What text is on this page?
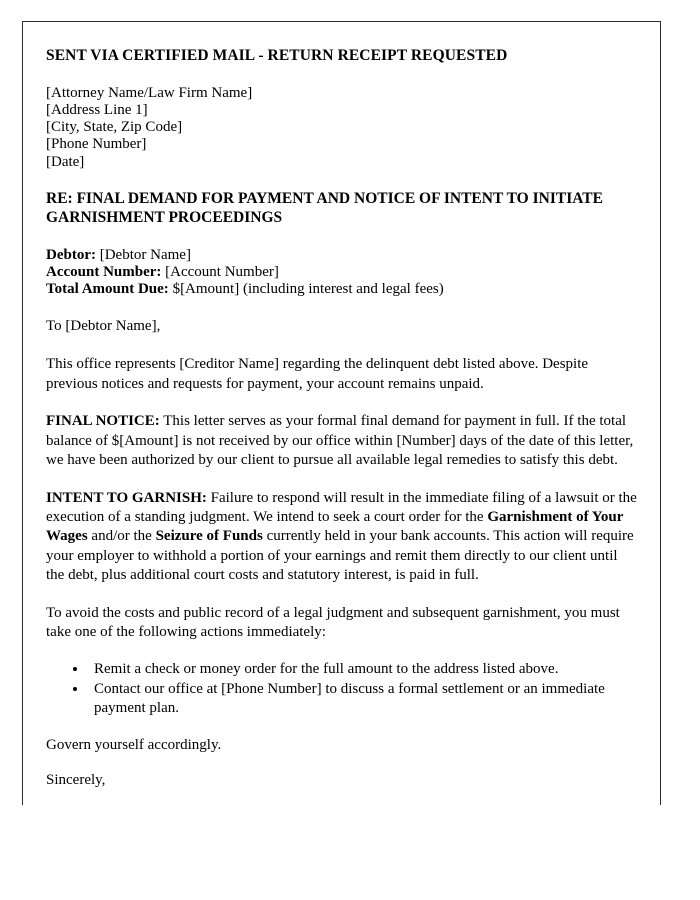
SENT VIA CERTIFIED MAIL - RETURN RECEIPT REQUESTED
[Attorney Name/Law Firm Name]
[Address Line 1]
[City, State, Zip Code]
[Phone Number]
[Date]
RE: FINAL DEMAND FOR PAYMENT AND NOTICE OF INTENT TO INITIATE GARNISHMENT PROCEEDINGS
Debtor: [Debtor Name]
Account Number: [Account Number]
Total Amount Due: $[Amount] (including interest and legal fees)
To [Debtor Name],

This office represents [Creditor Name] regarding the delinquent debt listed above. Despite previous notices and requests for payment, your account remains unpaid.

FINAL NOTICE: This letter serves as your formal final demand for payment in full. If the total balance of $[Amount] is not received by our office within [Number] days of the date of this letter, we have been authorized by our client to pursue all available legal remedies to satisfy this debt.

INTENT TO GARNISH: Failure to respond will result in the immediate filing of a lawsuit or the execution of a standing judgment. We intend to seek a court order for the Garnishment of Your Wages and/or the Seizure of Funds currently held in your bank accounts. This action will require your employer to withhold a portion of your earnings and remit them directly to our client until the debt, plus additional court costs and statutory interest, is paid in full.

To avoid the costs and public record of a legal judgment and subsequent garnishment, you must take one of the following actions immediately:

• Remit a check or money order for the full amount to the address listed above.
• Contact our office at [Phone Number] to discuss a formal settlement or an immediate payment plan.
Govern yourself accordingly.
Sincerely,
